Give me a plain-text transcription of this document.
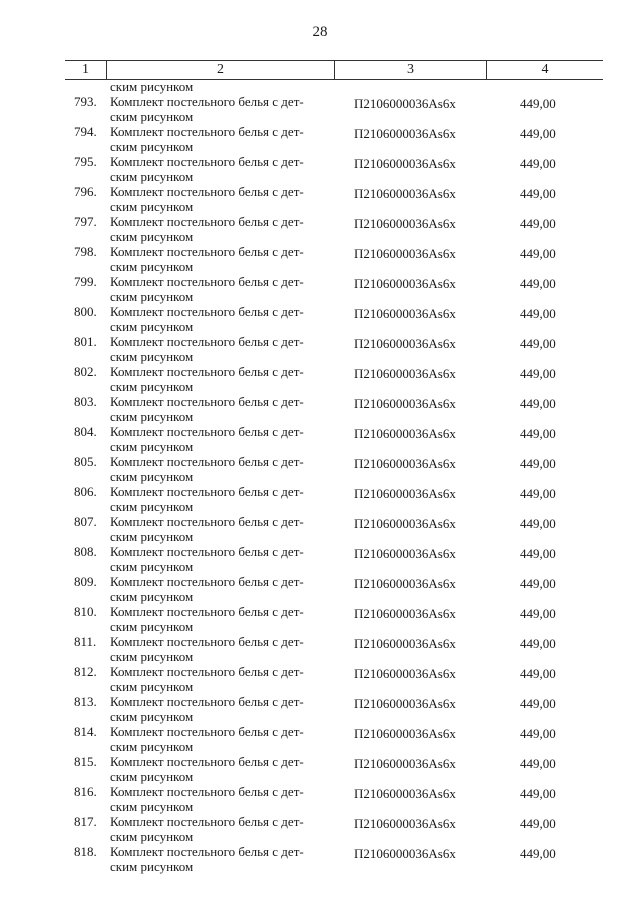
28
1	2	3	4
ским рисунком
793. Комплект постельного белья с дет-
ским рисунком
П2106000036Аs6х	449,00
794. Комплект постельного белья с дет-
ским рисунком
П2106000036Аs6х	449,00
795. Комплект постельного белья с дет-
ским рисунком
П2106000036Аs6х	449,00
796. Комплект постельного белья с дет-
ским рисунком
П2106000036Аs6х	449,00
797. Комплект постельного белья с дет-
ским рисунком
П2106000036Аs6х	449,00
798. Комплект постельного белья с дет-
ским рисунком
П2106000036Аs6х	449,00
799. Комплект постельного белья с дет-
ским рисунком
П2106000036Аs6х	449,00
800. Комплект постельного белья с дет-
ским рисунком
П2106000036Аs6х	449,00
801. Комплект постельного белья с дет-
ским рисунком
П2106000036Аs6х	449,00
802. Комплект постельного белья с дет-
ским рисунком
П2106000036Аs6х	449,00
803. Комплект постельного белья с дет-
ским рисунком
П2106000036Аs6х	449,00
804. Комплект постельного белья с дет-
ским рисунком
П2106000036Аs6х	449,00
805. Комплект постельного белья с дет-
ским рисунком
П2106000036Аs6х	449,00
806. Комплект постельного белья с дет-
ским рисунком
П2106000036Аs6х	449,00
807. Комплект постельного белья с дет-
ским рисунком
П2106000036Аs6х	449,00
808. Комплект постельного белья с дет-
ским рисунком
П2106000036Аs6х	449,00
809. Комплект постельного белья с дет-
ским рисунком
П2106000036Аs6х	449,00
810. Комплект постельного белья с дет-
ским рисунком
П2106000036Аs6х	449,00
811. Комплект постельного белья с дет-
ским рисунком
П2106000036Аs6х	449,00
812. Комплект постельного белья с дет-
ским рисунком
П2106000036Аs6х	449,00
813. Комплект постельного белья с дет-
ским рисунком
П2106000036Аs6х	449,00
814. Комплект постельного белья с дет-
ским рисунком
П2106000036Аs6х	449,00
815. Комплект постельного белья с дет-
ским рисунком
П2106000036Аs6х	449,00
816. Комплект постельного белья с дет-
ским рисунком
П2106000036Аs6х	449,00
817. Комплект постельного белья с дет-
ским рисунком
П2106000036Аs6х	449,00
818. Комплект постельного белья с дет-
ским рисунком
П2106000036Аs6х	449,00
